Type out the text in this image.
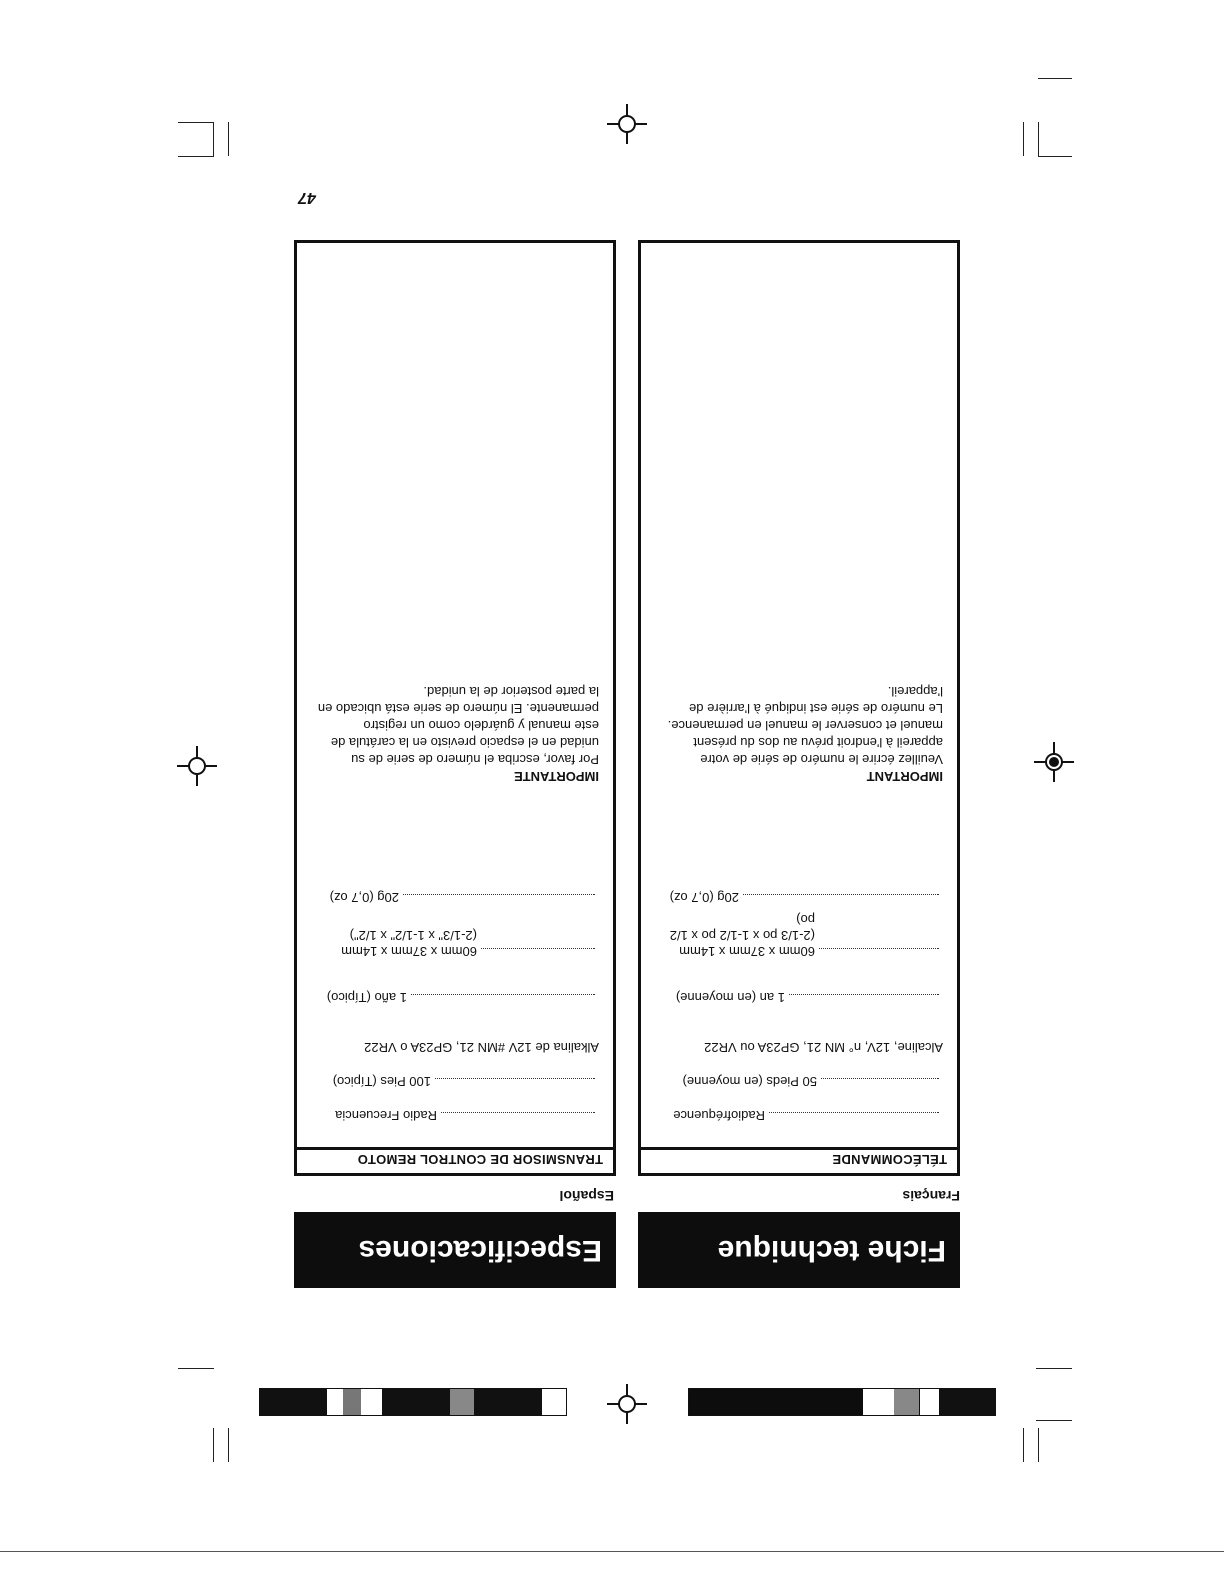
Fiche technique
Especificaciones
Français
Español
TÉLÉCOMMANDE
Radiofréquence
50 Pieds (en moyenne)
Alcaline, 12V, n° MN 21, GP23A ou VR22
1 an (en moyenne)
60mm x 37mm x 14mm
(2-1/3 po x 1-1/2 po x 1/2 po)
20g (0,7 oz)
IMPORTANT
Veuillez écrire le numéro de série de votre appareil à l'endroit prévu au dos du présent manuel et conserver le manuel en permanence. Le numéro de série est indiqué à l'arrière de l'appareil.
TRANSMISOR DE CONTROL REMOTO
Radio Frecuencia
100 Pies (Típico)
Alkalina de 12V #MN 21, GP23A o VR22
1 año (Típico)
60mm x 37mm x 14mm
(2-1/3" x 1-1/2" x 1/2")
20g (0,7 oz)
IMPORTANTE
Por favor, escriba el número de serie de su unidad en el espacio previsto en la carátula de este manual y guárdelo como un registro permanente. El número de serie está ubicado en la parte posterior de la unidad.
47
